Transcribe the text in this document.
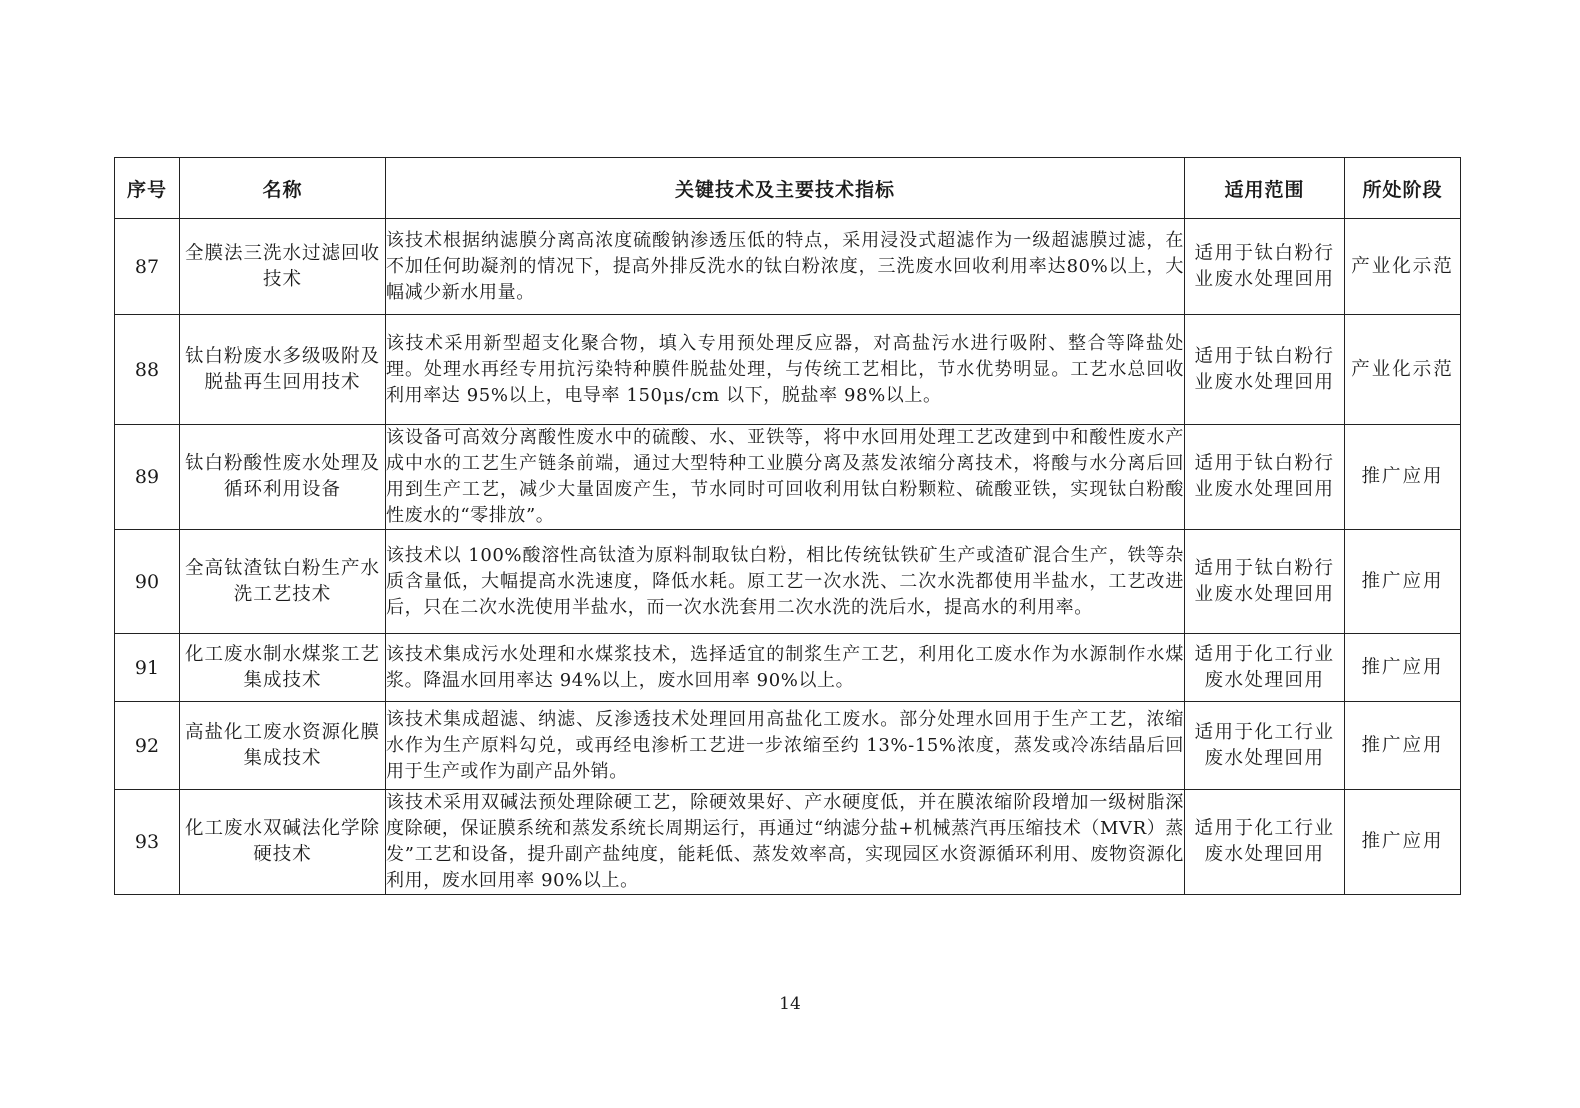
序号	名称	关键技术及主要技术指标	适用范围	所处阶段
87	全膜法三洗水过滤回收技术	该技术根据纳滤膜分离高浓度硫酸钠渗透压低的特点，采用浸没式超滤作为一级超滤膜过滤，在不加任何助凝剂的情况下，提高外排反洗水的钛白粉浓度，三洗废水回收利用率达80%以上，大幅减少新水用量。	适用于钛白粉行业废水处理回用	产业化示范
88	钛白粉废水多级吸附及脱盐再生回用技术	该技术采用新型超支化聚合物，填入专用预处理反应器，对高盐污水进行吸附、整合等降盐处理。处理水再经专用抗污染特种膜件脱盐处理，与传统工艺相比，节水优势明显。工艺水总回收利用率达 95%以上，电导率 150μs/cm 以下，脱盐率 98%以上。	适用于钛白粉行业废水处理回用	产业化示范
89	钛白粉酸性废水处理及循环利用设备	该设备可高效分离酸性废水中的硫酸、水、亚铁等，将中水回用处理工艺改建到中和酸性废水产成中水的工艺生产链条前端，通过大型特种工业膜分离及蒸发浓缩分离技术，将酸与水分离后回用到生产工艺，减少大量固废产生，节水同时可回收利用钛白粉颗粒、硫酸亚铁，实现钛白粉酸性废水的“零排放”。	适用于钛白粉行业废水处理回用	推广应用
90	全高钛渣钛白粉生产水洗工艺技术	该技术以 100%酸溶性高钛渣为原料制取钛白粉，相比传统钛铁矿生产或渣矿混合生产，铁等杂质含量低，大幅提高水洗速度，降低水耗。原工艺一次水洗、二次水洗都使用半盐水，工艺改进后，只在二次水洗使用半盐水，而一次水洗套用二次水洗的洗后水，提高水的利用率。	适用于钛白粉行业废水处理回用	推广应用
91	化工废水制水煤浆工艺集成技术	该技术集成污水处理和水煤浆技术，选择适宜的制浆生产工艺，利用化工废水作为水源制作水煤浆。降温水回用率达 94%以上，废水回用率 90%以上。	适用于化工行业废水处理回用	推广应用
92	高盐化工废水资源化膜集成技术	该技术集成超滤、纳滤、反渗透技术处理回用高盐化工废水。部分处理水回用于生产工艺，浓缩水作为生产原料勾兑，或再经电渗析工艺进一步浓缩至约 13%-15%浓度，蒸发或冷冻结晶后回用于生产或作为副产品外销。	适用于化工行业废水处理回用	推广应用
93	化工废水双碱法化学除硬技术	该技术采用双碱法预处理除硬工艺，除硬效果好、产水硬度低，并在膜浓缩阶段增加一级树脂深度除硬，保证膜系统和蒸发系统长周期运行，再通过“纳滤分盐+机械蒸汽再压缩技术（MVR）蒸发”工艺和设备，提升副产盐纯度，能耗低、蒸发效率高，实现园区水资源循环利用、废物资源化利用，废水回用率 90%以上。	适用于化工行业废水处理回用	推广应用
14
